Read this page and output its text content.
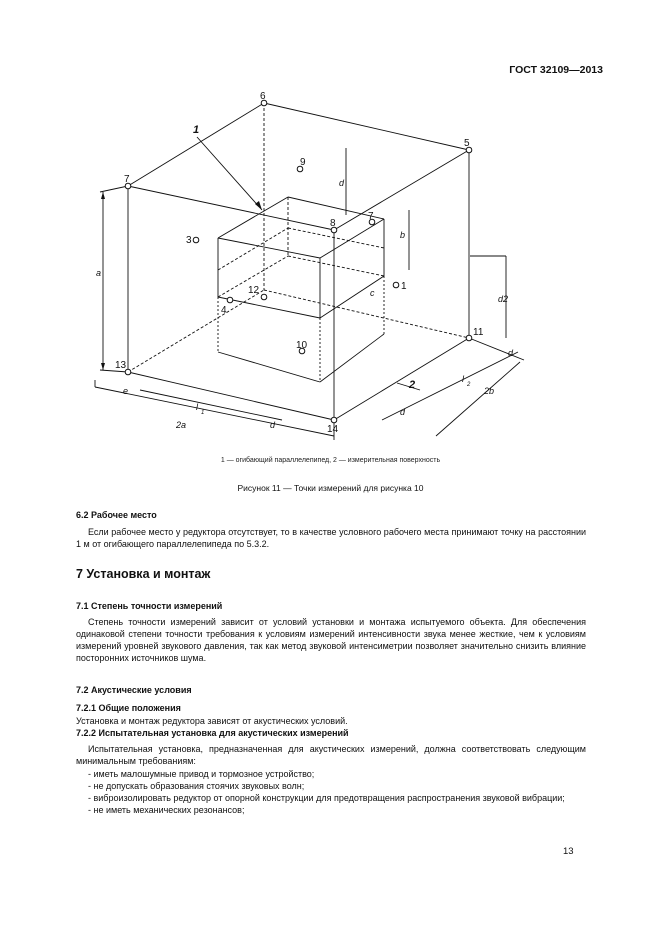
ГОСТ 32109—2013
6
5
7
9
8
7
3
1
12
4
11
10
13
14
1
2
a
d
b
c
d2
d
e
l
1
2a	d
l
2
2b
d
1 — огибающий параллелепипед, 2 — измерительная поверхность
Рисунок 11 — Точки измерений для рисунка 10
6.2 Рабочее место
Если рабочее место у редуктора отсутствует, то в качестве условного рабочего места принимают точку на расстоянии 1 м от огибающего параллелепипеда по 5.3.2.
7 Установка и монтаж
7.1 Степень точности измерений
Степень точности измерений зависит от условий установки и монтажа испытуемого объекта. Для обеспечения одинаковой степени точности требования к условиям измерений интенсивности звука менее жесткие, чем к условиям измерений уровней звукового давления, так как метод звуковой интенсиметрии позволяет значительно снизить влияние посторонних источников шума.
7.2 Акустические условия
7.2.1 Общие положения
Установка и монтаж редуктора зависят от акустических условий.
7.2.2 Испытательная установка для акустических измерений
Испытательная установка, предназначенная для акустических измерений, должна соответствовать следующим минимальным требованиям:
- иметь малошумные привод и тормозное устройство;
- не допускать образования стоячих звуковых волн;
- виброизолировать редуктор от опорной конструкции для предотвращения распространения звуковой вибрации;
- не иметь механических резонансов;
13
